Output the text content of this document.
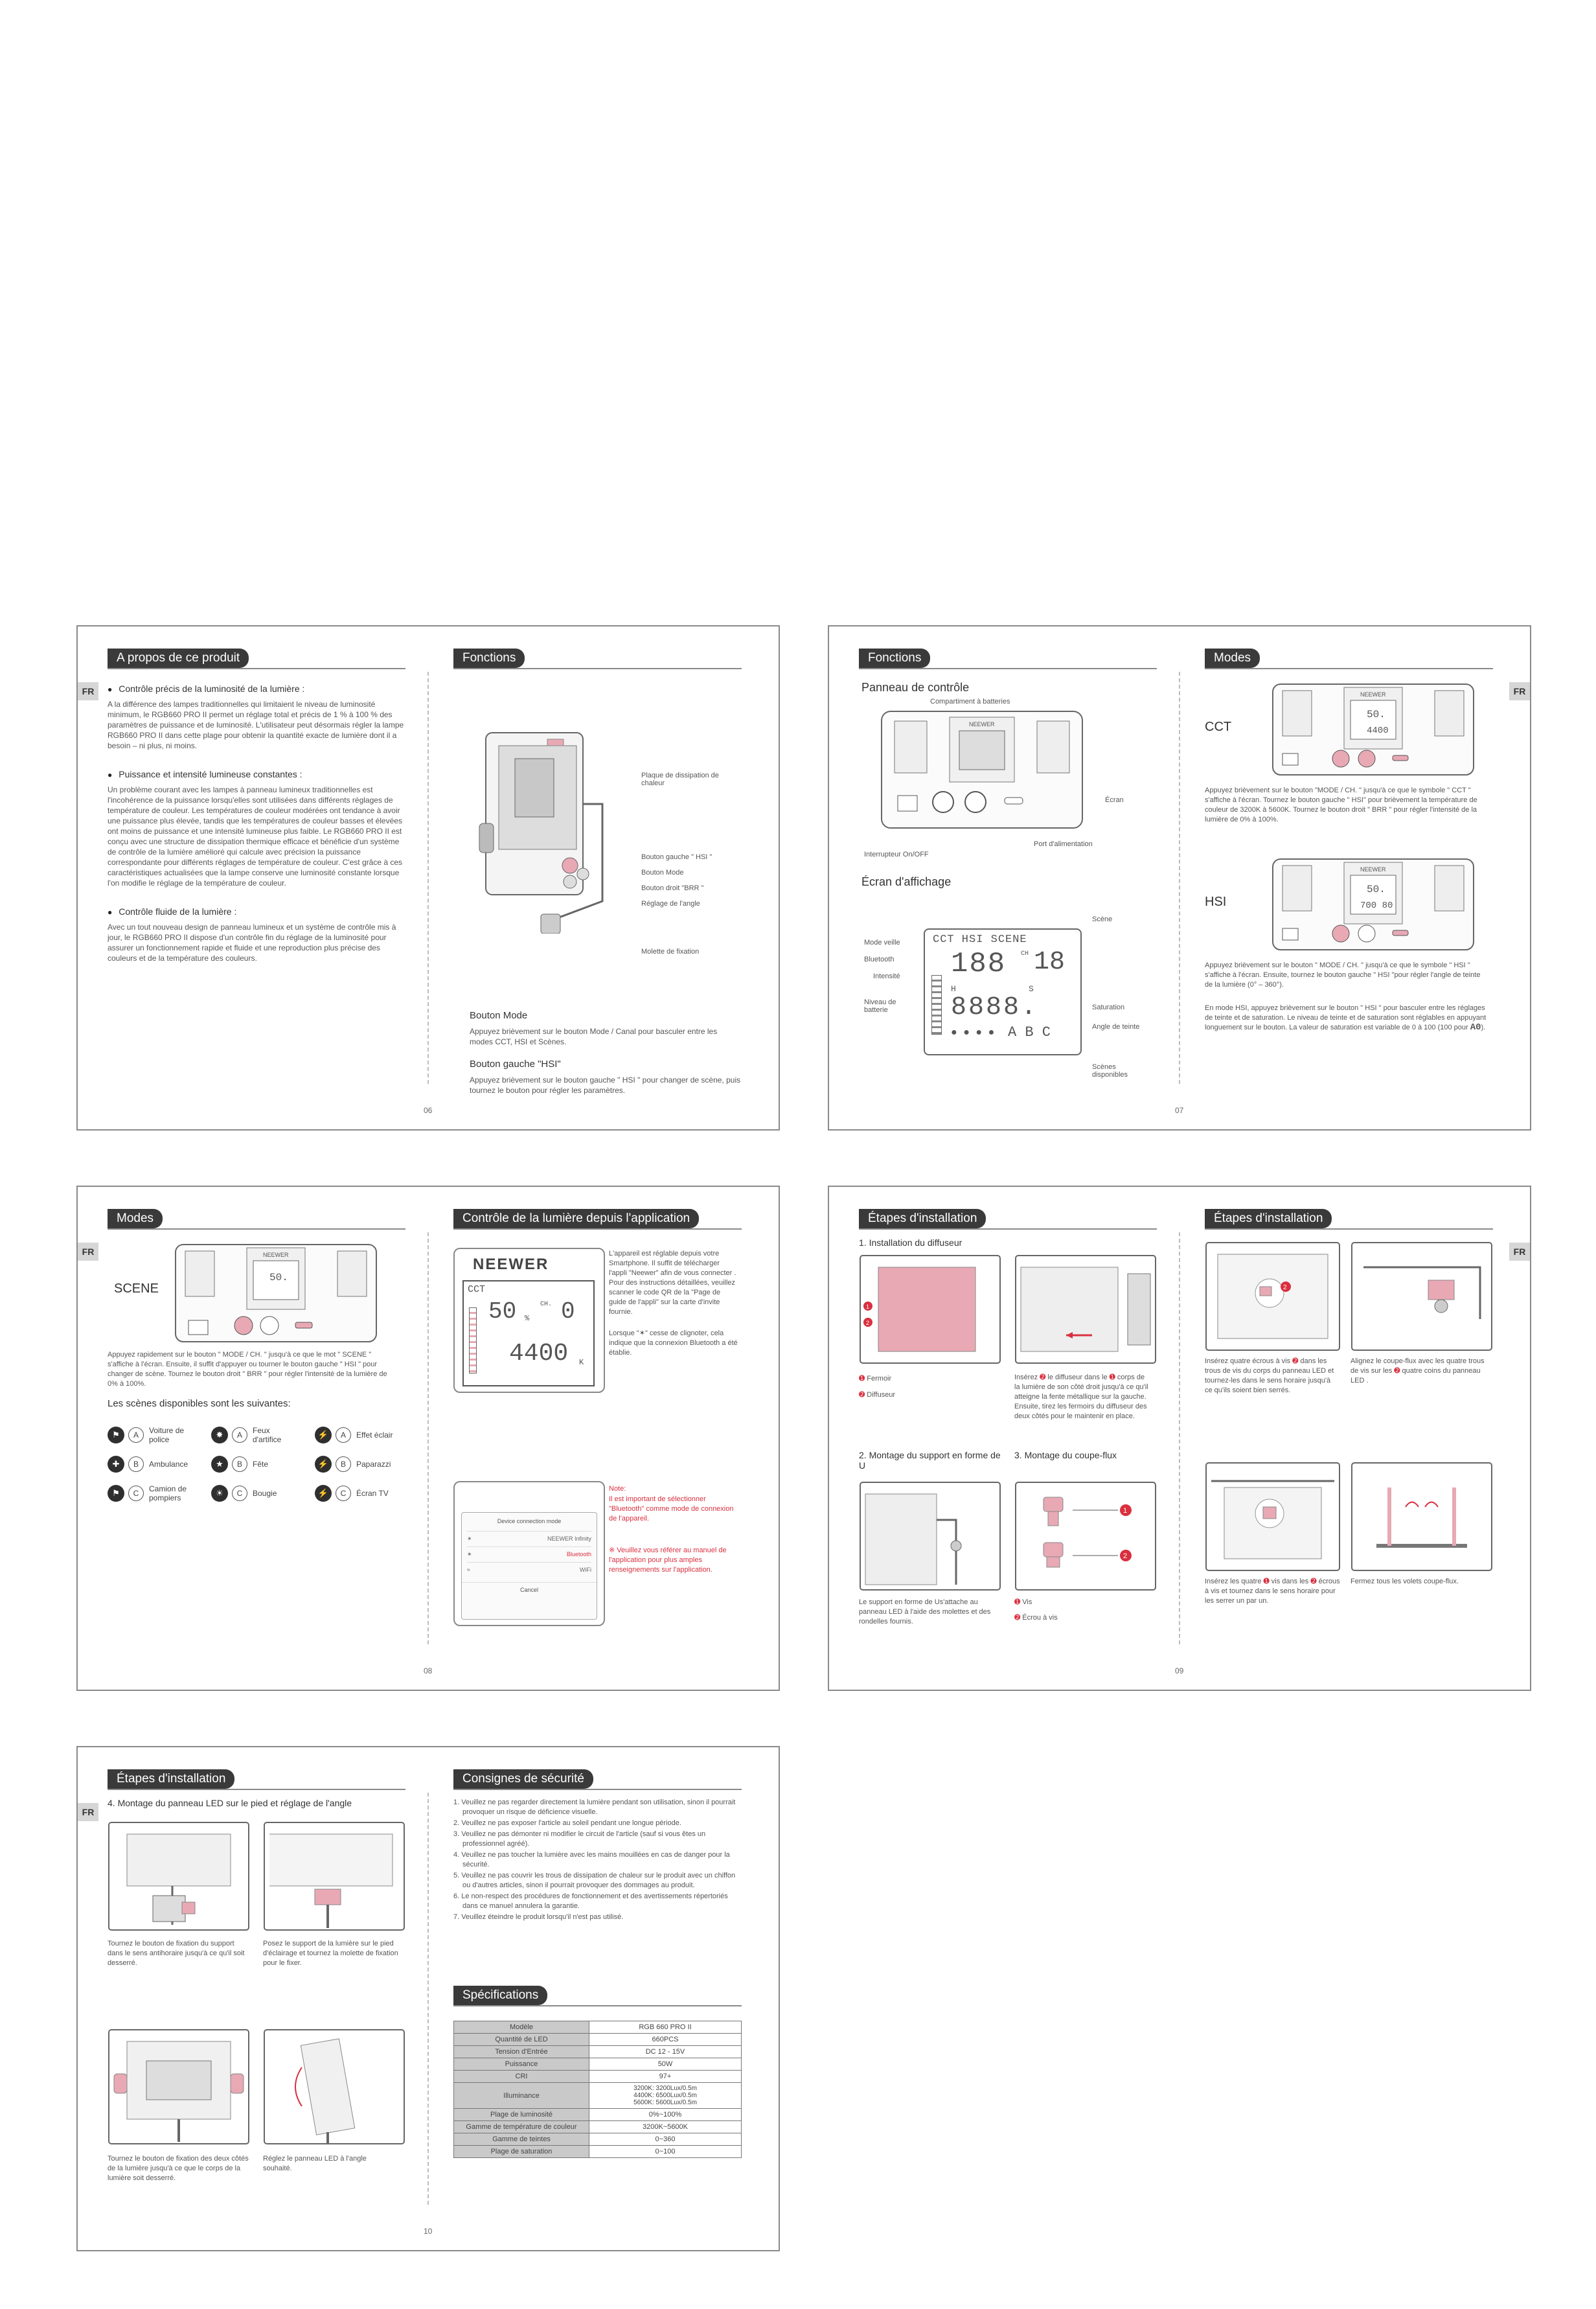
FR
A propos de ce produit

● Contrôle précis de la luminosité de la lumière :

A la différence des lampes traditionnelles qui limitaient le niveau de luminosité minimum, le RGB660 PRO II permet un réglage total et précis de 1 % à 100 % des paramètres de puissance et de luminosité. L'utilisateur peut désormais régler la lampe RGB660 PRO II dans cette plage pour obtenir la quantité exacte de lumière dont il a besoin – ni plus, ni moins.

● Puissance et intensité lumineuse constantes :

Un problème courant avec les lampes à panneau lumineux traditionnelles est l'incohérence de la puissance lorsqu'elles sont utilisées dans différents réglages de température de couleur. Les températures de couleur modérées ont tendance à avoir une puissance plus élevée, tandis que les températures de couleur basses et élevées ont moins de puissance et une intensité lumineuse plus faible. Le RGB660 PRO II est conçu avec une structure de dissipation thermique efficace et bénéficie d'un système de contrôle de la lumière amélioré qui calcule avec précision la puissance correspondante pour différents réglages de température de couleur. C'est grâce à ces caractéristiques actualisées que la lampe conserve une luminosité constante lorsque l'on modifie le réglage de la température de couleur.

● Contrôle fluide de la lumière :

Avec un tout nouveau design de panneau lumineux et un système de contrôle mis à jour, le RGB660 PRO II dispose d'un contrôle fin du réglage de la luminosité pour assurer un fonctionnement rapide et fluide et une reproduction plus précise des couleurs et de la température des couleurs.

Fonctions
Plaque de dissipation de chaleur
Bouton gauche " HSI "
Bouton Mode
Bouton droit "BRR "
Réglage de l'angle
Molette de fixation

Bouton Mode

Appuyez brièvement sur le bouton Mode / Canal pour basculer entre les modes CCT, HSI et Scènes.

Bouton gauche "HSI"

Appuyez brièvement sur le bouton gauche " HSI " pour changer de scène, puis tournez le bouton pour régler les paramètres.

06
FR
Fonctions

Panneau de contrôle

Compartiment à batteries
NEEWER
Écran
Port d'alimentation
Interrupteur On/OFF

Écran d'affichage

Scène
Mode veille
Bluetooth
Intensité
Niveau de batterie
CCT HSI SCENE
188 CH 18
H	S
8888.
● ● ● ● A B C
Saturation
Angle de teinte
Scènes disponibles
Modes
CCT
NEEWER
50.
4400

Appuyez brièvement sur le bouton "MODE / CH. " jusqu'à ce que le symbole " CCT " s'affiche à l'écran. Tournez le bouton gauche " HSI" pour brièvement la température de couleur de 3200K à 5600K. Tournez le bouton droit " BRR " pour régler l'intensité de la lumière de 0% à 100%.

HSI
NEEWER
50.
700 80

Appuyez brièvement sur le bouton " MODE / CH. " jusqu'à ce que le symbole " HSI " s'affiche à l'écran. Ensuite, tournez le bouton gauche " HSI "pour régler l'angle de teinte de la lumière (0° – 360°).

En mode HSI, appuyez brièvement sur le bouton " HSI " pour basculer entre les réglages de teinte et de saturation. Le niveau de teinte et de saturation sont réglables en appuyant longuement sur le bouton. La valeur de saturation est variable de 0 à 100 (100 pour A0).

07
FR
Modes
SCENE
NEEWER
50.

Appuyez rapidement sur le bouton " MODE / CH. " jusqu'à ce que le mot " SCENE " s'affiche à l'écran. Ensuite, il suffit d'appuyer ou tourner le bouton gauche " HSI " pour changer de scène. Tournez le bouton droit " BRR " pour régler l'intensité de la lumière de 0% à 100%.

Les scènes disponibles sont les suivantes:

⚑	A	Voiture de police	✸	A	Feux d'artifice	⚡	A	Effet éclair
✚	B	Ambulance	★	B	Fête	⚡	B	Paparazzi
⚑	C	Camion de pompiers	☀	C	Bougie	⚡	C	Écran TV
Contrôle de la lumière depuis l'application
NEEWER
CCT
50 %
CH. 0
4400 K

L'appareil est réglable depuis votre Smartphone. Il suffit de télécharger l'appli "Neewer" afin de vous connecter . Pour des instructions détaillées, veuillez scanner le code QR de la "Page de guide de l'appli" sur la carte d'invite fournie.

Lorsque "✶" cesse de clignoter, cela indique que la connexion Bluetooth a été établie.

Device connection mode
✶	NEEWER Infinity
✶	Bluetooth
≈	WiFi
Cancel
Note:

Il est important de sélectionner "Bluetooth" comme mode de connexion de l'appareil.

※ Veuillez vous référer au manuel de l'application pour plus amples renseignements sur l'application.

08
FR
Étapes d'installation

1. Installation du diffuseur

1
2
➊ Fermoir
➋ Diffuseur

Insérez ➋ le diffuseur dans le ➊ corps de la lumière de son côté droit jusqu'à ce qu'il atteigne la fente métallique sur la gauche. Ensuite, tirez les fermoirs du diffuseur des deux côtés pour le maintenir en place.

2. Montage du support en forme de U

Le support en forme de Us'attache au panneau LED à l'aide des molettes et des rondelles fournis.

3. Montage du coupe-flux

1
2
➊ Vis
➋ Écrou à vis
Étapes d'installation
2

Insérez quatre écrous à vis ➋ dans les trous de vis du corps du panneau LED et tournez-les dans le sens horaire jusqu'à ce qu'ils soient bien serrés.

Alignez le coupe-flux avec les quatre trous de vis sur les ➋ quatre coins du panneau LED .

Insérez les quatre ➊ vis dans les ➋ écrous à vis et tournez dans le sens horaire pour les serrer un par un.

Fermez tous les volets coupe-flux.

09
FR
Étapes d'installation

4. Montage du panneau LED sur le pied et réglage de l'angle

Tournez le bouton de fixation du support dans le sens antihoraire jusqu'à ce qu'il soit desserré.

Posez le support de la lumière sur le pied d'éclairage et tournez la molette de fixation pour le fixer.

Tournez le bouton de fixation des deux côtés de la lumière jusqu'à ce que le corps de la lumière soit desserré.

Réglez le panneau LED à l'angle souhaité.

Consignes de sécurité

1. Veuillez ne pas regarder directement la lumière pendant son utilisation, sinon il pourrait provoquer un risque de déficience visuelle.

2. Veuillez ne pas exposer l'article au soleil pendant une longue période.

3. Veuillez ne pas démonter ni modifier le circuit de l'article (sauf si vous êtes un professionnel agréé).

4. Veuillez ne pas toucher la lumière avec les mains mouillées en cas de danger pour la sécurité.

5. Veuillez ne pas couvrir les trous de dissipation de chaleur sur le produit avec un chiffon ou d'autres articles, sinon il pourrait provoquer des dommages au produit.

6. Le non-respect des procédures de fonctionnement et des avertissements répertoriés dans ce manuel annulera la garantie.

7. Veuillez éteindre le produit lorsqu'il n'est pas utilisé.

Spécifications
Modèle	RGB 660 PRO II
Quantité de LED	660PCS
Tension d'Entrée	DC 12 - 15V
Puissance	50W
CRI	97+
Illuminance	3200K: 3200Lux/0.5m
4400K: 6500Lux/0.5m
5600K: 5600Lux/0.5m
Plage de luminosité	0%~100%
Gamme de température de couleur	3200K~5600K
Gamme de teintes	0~360
Plage de saturation	0~100
10
